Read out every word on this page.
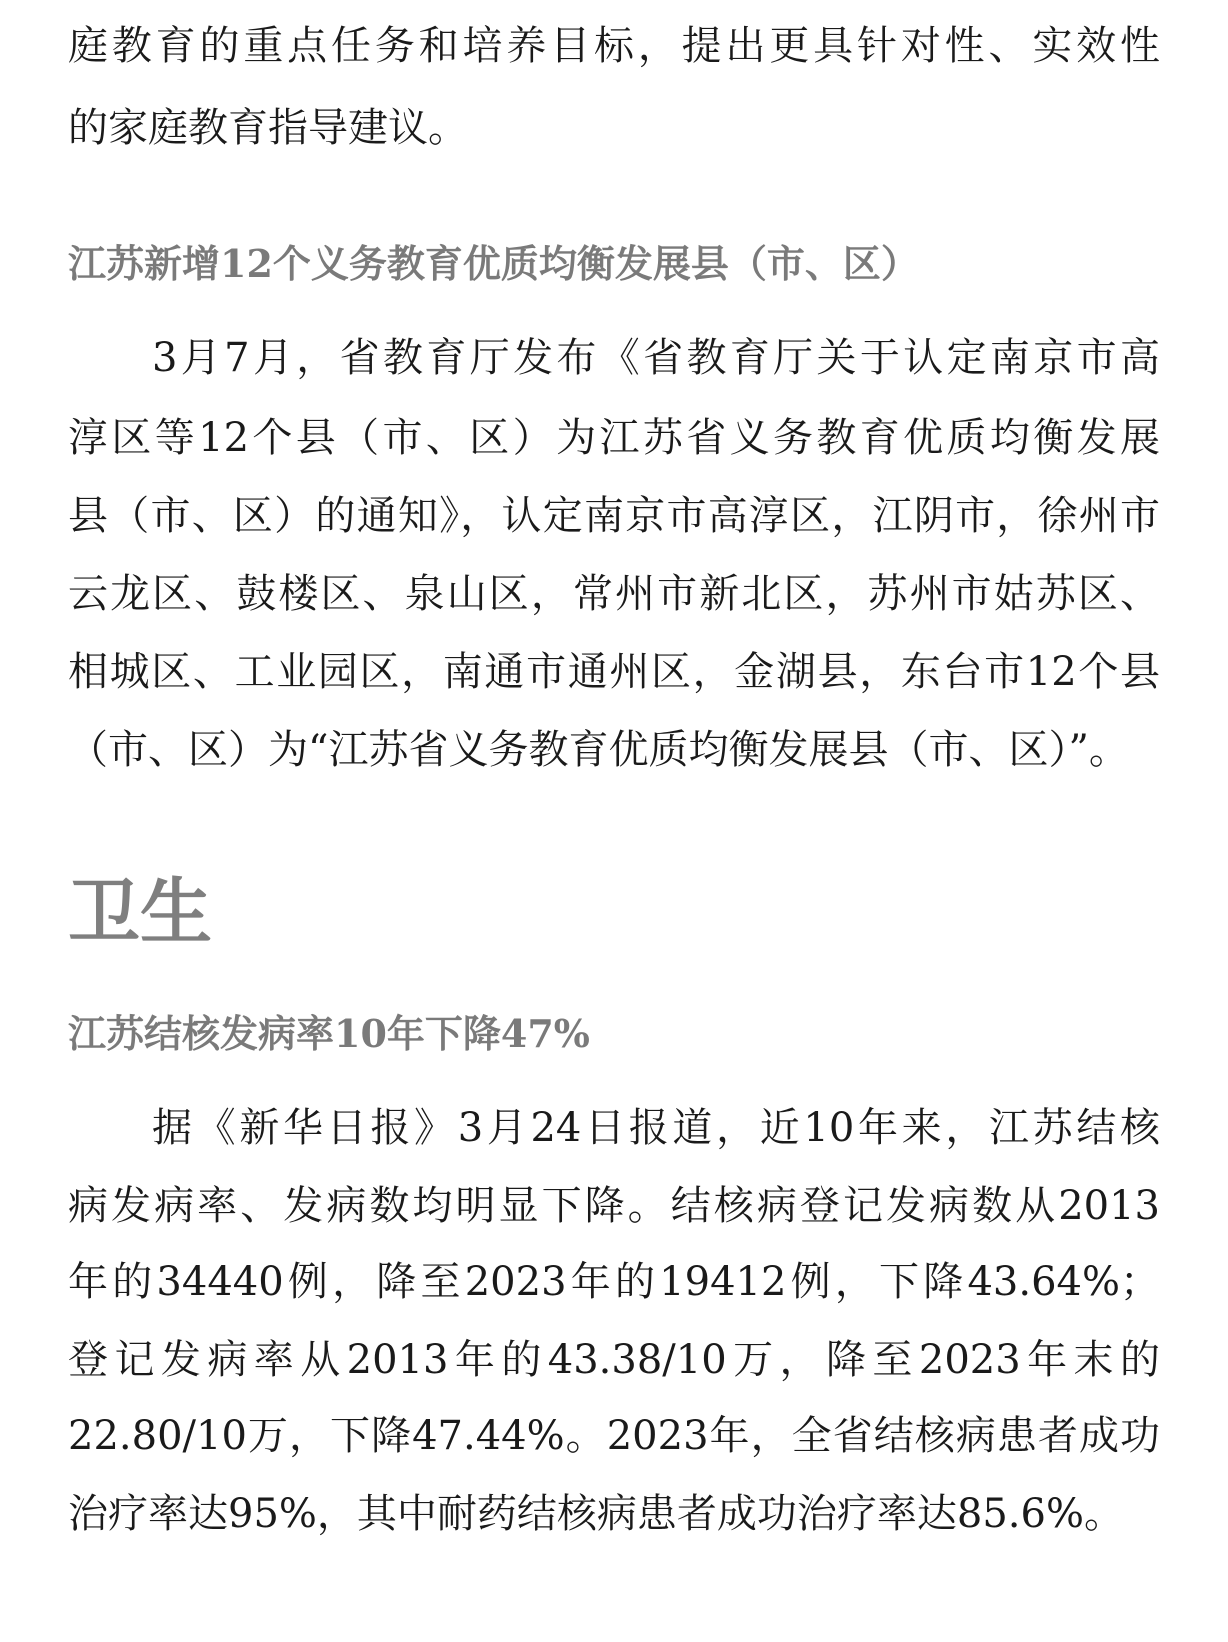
庭教育的重点任务和培养目标，提出更具针对性、实效性
的家庭教育指导建议。
江苏新增12个义务教育优质均衡发展县（市、区）
3月7月，省教育厅发布《省教育厅关于认定南京市高
淳区等12个县（市、区）为江苏省义务教育优质均衡发展
县（市、区）的通知》，认定南京市高淳区，江阴市，徐州市
云龙区、鼓楼区、泉山区，常州市新北区，苏州市姑苏区、
相城区、工业园区，南通市通州区，金湖县，东台市12个县
（市、区）为“江苏省义务教育优质均衡发展县（市、区）”。
卫生
江苏结核发病率10年下降47%
据《新华日报》3月24日报道，近10年来，江苏结核
病发病率、发病数均明显下降。结核病登记发病数从2013
年的34440例，降至2023年的19412例，下降43.64%；
登记发病率从2013年的43.38/10万，降至2023年末的
22.80/10万，下降47.44%。2023年，全省结核病患者成功
治疗率达95%，其中耐药结核病患者成功治疗率达85.6%。
